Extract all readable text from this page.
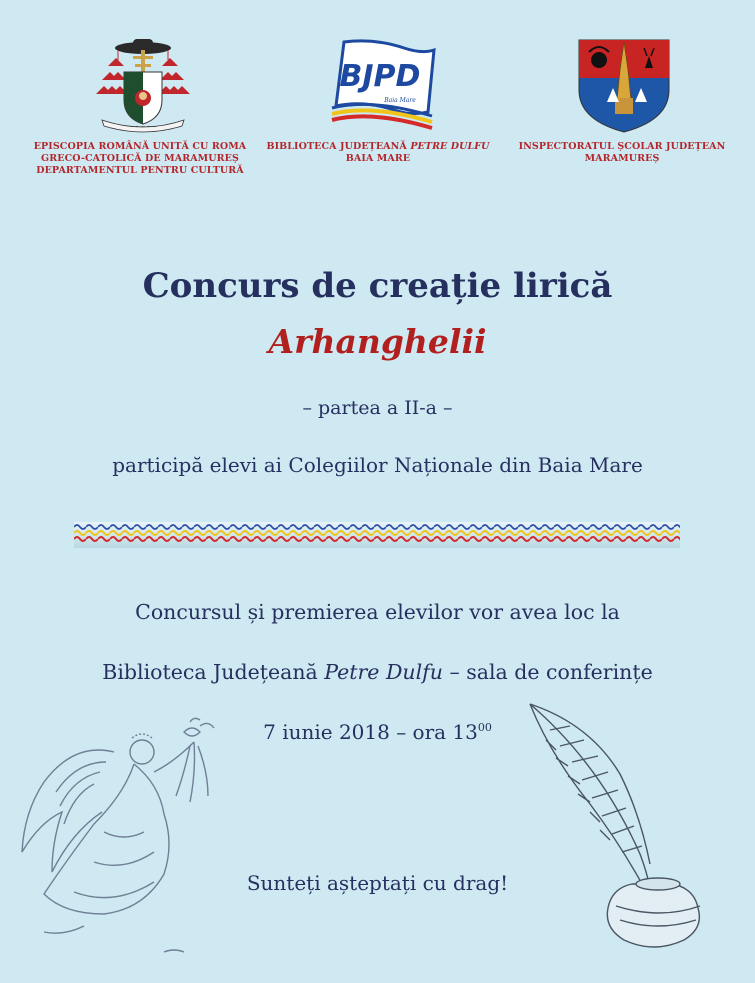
~ ~ ~ ~ ~
EPISCOPIA ROMÂNĂ UNITĂ CU ROMA
GRECO-CATOLICĂ DE MARAMUREȘ
DEPARTAMENTUL PENTRU CULTURĂ
BJPD
Baia Mare
BIBLIOTECA JUDEȚEANĂ PETRE DULFU
BAIA MARE
INSPECTORATUL ȘCOLAR JUDEȚEAN
MARAMUREȘ
Concurs de creație lirică
Arhanghelii
– partea a II-a –
participă elevi ai Colegiilor Naționale din Baia Mare
Concursul și premierea elevilor vor avea loc la
Biblioteca Județeană Petre Dulfu – sala de conferințe
7 iunie 2018 – ora $13^{00}$
Sunteți așteptați cu drag!
